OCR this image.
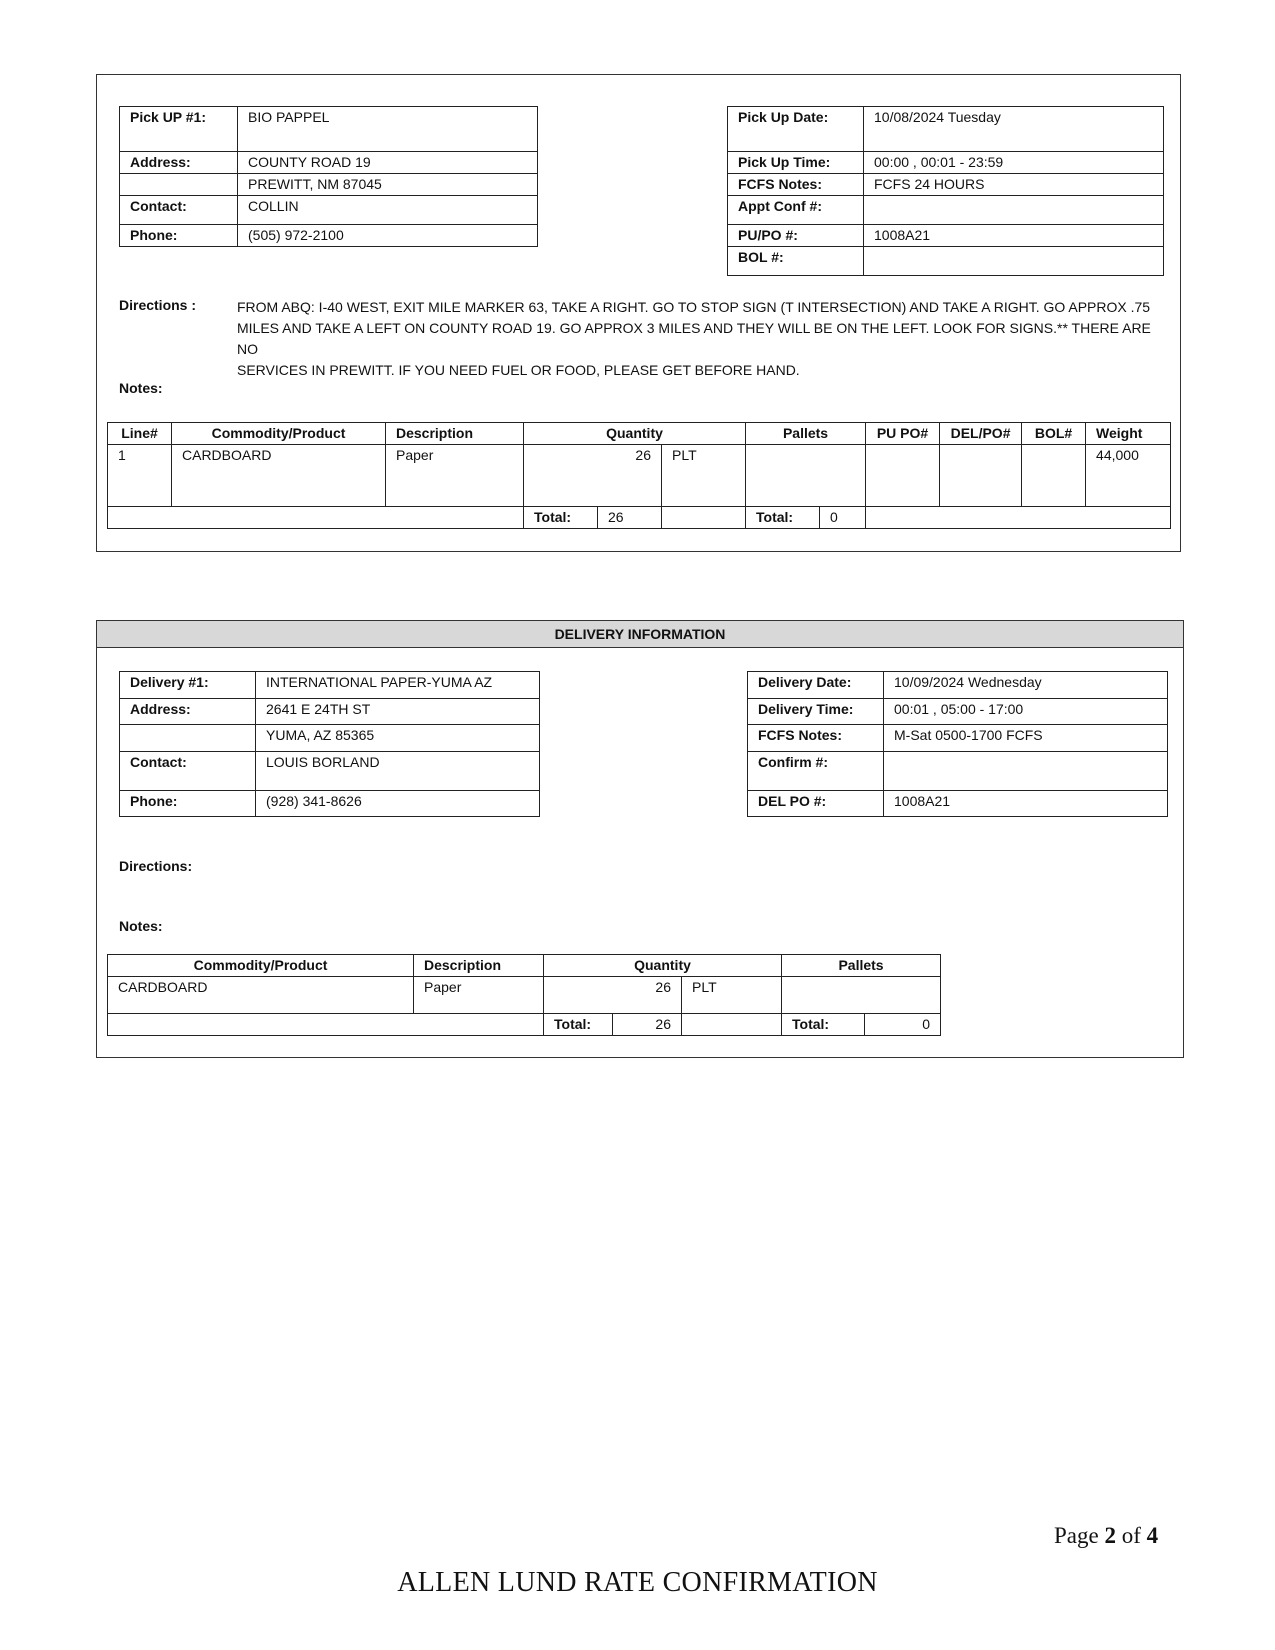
Pick UP #1:	BIO PAPPEL
Address:	COUNTY ROAD 19
	PREWITT, NM 87045
Contact:	COLLIN
Phone:	(505) 972-2100
Pick Up Date:	10/08/2024 Tuesday
Pick Up Time:	00:00 , 00:01 - 23:59
FCFS Notes:	FCFS 24 HOURS
Appt Conf #:	
PU/PO #:	1008A21
BOL #:	
Directions :	FROM ABQ: I-40 WEST, EXIT MILE MARKER 63, TAKE A RIGHT. GO TO STOP SIGN (T INTERSECTION) AND TAKE A RIGHT. GO APPROX .75
MILES AND TAKE A LEFT ON COUNTY ROAD 19. GO APPROX 3 MILES AND THEY WILL BE ON THE LEFT. LOOK FOR SIGNS.** THERE ARE NO
SERVICES IN PREWITT. IF YOU NEED FUEL OR FOOD, PLEASE GET BEFORE HAND.
Notes:
Line#	Commodity/Product	Description	Quantity			Pallets		PU PO#	DEL/PO#	BOL#	Weight
1	CARDBOARD	Paper	26		PLT						44,000
			Total:	26		Total:	0				
DELIVERY INFORMATION
Delivery #1:	INTERNATIONAL PAPER-YUMA AZ
Address:	2641 E 24TH ST
	YUMA, AZ 85365
Contact:	LOUIS BORLAND
Phone:	(928) 341-8626
Delivery Date:	10/09/2024 Wednesday
Delivery Time:	00:01 , 05:00 - 17:00
FCFS Notes:	M-Sat 0500-1700 FCFS
Confirm #:	
DEL PO #:	1008A21
Directions:
Notes:
Commodity/Product	Description	Quantity			Pallets	
CARDBOARD	Paper	26		PLT		
		Total:	26		Total:	0
Page 2 of 4
ALLEN LUND RATE CONFIRMATION
